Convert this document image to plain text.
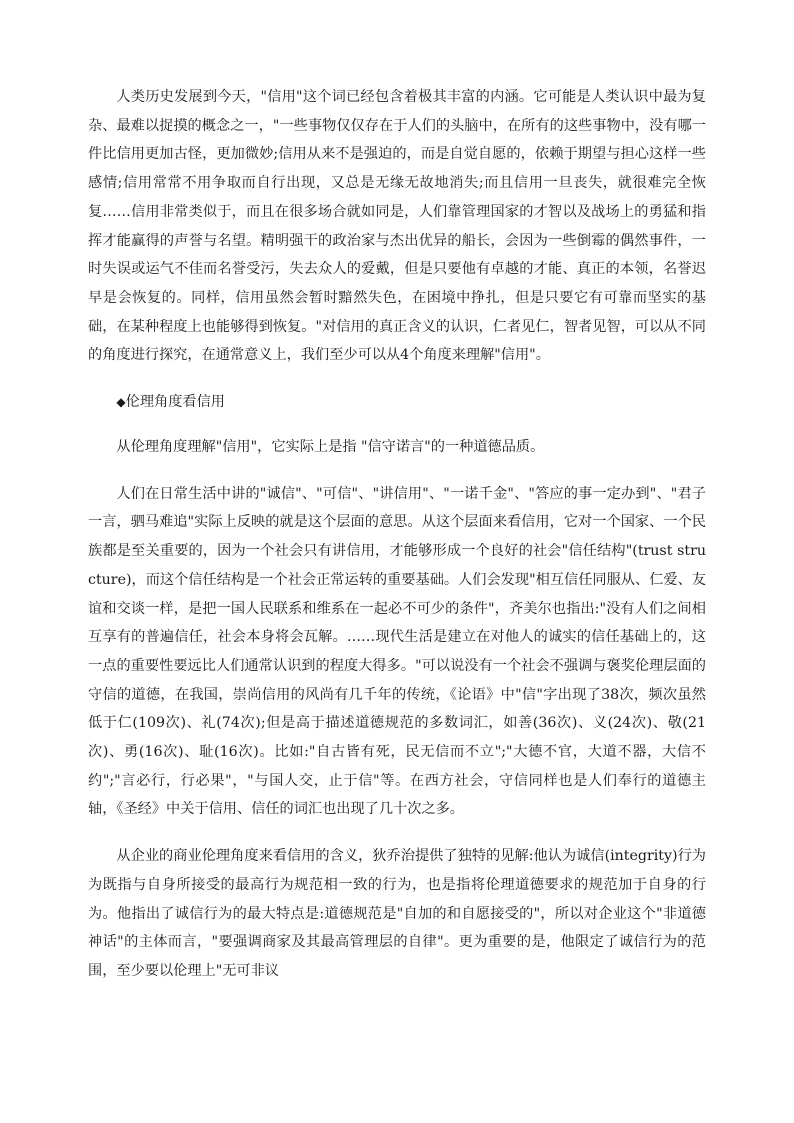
人类历史发展到今天，"信用"这个词已经包含着极其丰富的内涵。它可能是人类认识中最为复杂、最难以捉摸的概念之一，"一些事物仅仅存在于人们的头脑中，在所有的这些事物中，没有哪一件比信用更加古怪，更加微妙;信用从来不是强迫的，而是自觉自愿的，依赖于期望与担心这样一些感情;信用常常不用争取而自行出现，又总是无缘无故地消失;而且信用一旦丧失，就很难完全恢复……信用非常类似于，而且在很多场合就如同是，人们靠管理国家的才智以及战场上的勇猛和指挥才能赢得的声誉与名望。精明强干的政治家与杰出优异的船长，会因为一些倒霉的偶然事件，一时失误或运气不佳而名誉受污，失去众人的爱戴，但是只要他有卓越的才能、真正的本领，名誉迟早是会恢复的。同样，信用虽然会暂时黯然失色，在困境中挣扎，但是只要它有可靠而坚实的基础，在某种程度上也能够得到恢复。"对信用的真正含义的认识，仁者见仁，智者见智，可以从不同的角度进行探究，在通常意义上，我们至少可以从4个角度来理解"信用"。

◆伦理角度看信用

从伦理角度理解"信用"，它实际上是指 "信守诺言"的一种道德品质。

人们在日常生活中讲的"诚信"、"可信"、"讲信用"、"一诺千金"、"答应的事一定办到"、"君子一言，驷马难追"实际上反映的就是这个层面的意思。从这个层面来看信用，它对一个国家、一个民族都是至关重要的，因为一个社会只有讲信用，才能够形成一个良好的社会"信任结构"(trust structure)，而这个信任结构是一个社会正常运转的重要基础。人们会发现"相互信任同服从、仁爱、友谊和交谈一样，是把一国人民联系和维系在一起必不可少的条件"，齐美尔也指出:"没有人们之间相互享有的普遍信任，社会本身将会瓦解。……现代生活是建立在对他人的诚实的信任基础上的，这一点的重要性要远比人们通常认识到的程度大得多。"可以说没有一个社会不强调与褒奖伦理层面的守信的道德，在我国，崇尚信用的风尚有几千年的传统，《论语》中"信"字出现了38次，频次虽然低于仁(109次)、礼(74次);但是高于描述道德规范的多数词汇，如善(36次)、义(24次)、敬(21次)、勇(16次)、耻(16次)。比如:"自古皆有死，民无信而不立";"大德不官，大道不器，大信不约";"言必行，行必果"，"与国人交，止于信"等。在西方社会，守信同样也是人们奉行的道德主轴，《圣经》中关于信用、信任的词汇也出现了几十次之多。

从企业的商业伦理角度来看信用的含义，狄乔治提供了独特的见解:他认为诚信(integrity)行为为既指与自身所接受的最高行为规范相一致的行为，也是指将伦理道德要求的规范加于自身的行为。他指出了诚信行为的最大特点是:道德规范是"自加的和自愿接受的"，所以对企业这个"非道德神话"的主体而言，"要强调商家及其最高管理层的自律"。更为重要的是，他限定了诚信行为的范围，至少要以伦理上"无可非议
